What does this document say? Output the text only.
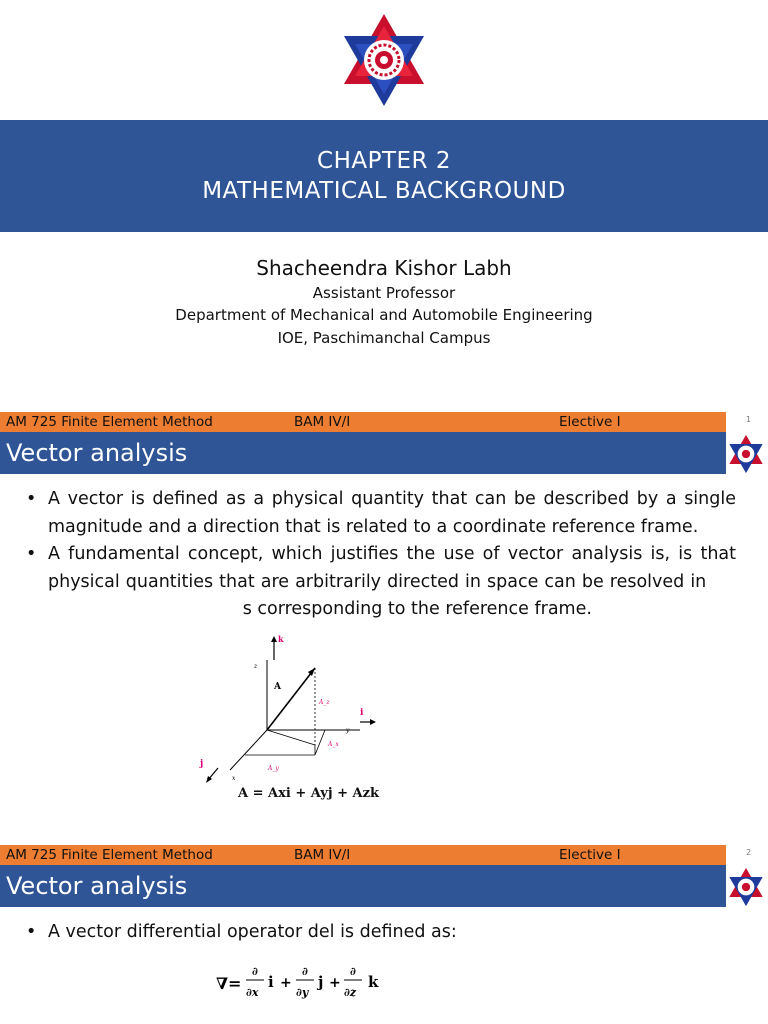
CHAPTER 2
MATHEMATICAL BACKGROUND
Shacheendra Kishor Labh
Assistant Professor
Department of Mechanical and Automobile Engineering
IOE, Paschimanchal Campus
AM 725 Finite Element Method	BAM IV/I	Elective I	1
Vector analysis
• A vector is defined as a physical quantity that can be described by a single magnitude and a direction that is related to a coordinate reference frame.
• A fundamental concept, which justifies the use of vector analysis is, is that physical quantities that are arbitrarily directed in space can be resolved in                                         s corresponding to the reference frame.
k
i
j
z
y
x
A
A_z
A_x
A_y
A = Axi + Ayj + Azk
AM 725 Finite Element Method	BAM IV/I	Elective I	2
Vector analysis
• A vector differential operator del is defined as:
∇=
∂
∂x
i +
∂
∂y
j +
∂
∂z
k
